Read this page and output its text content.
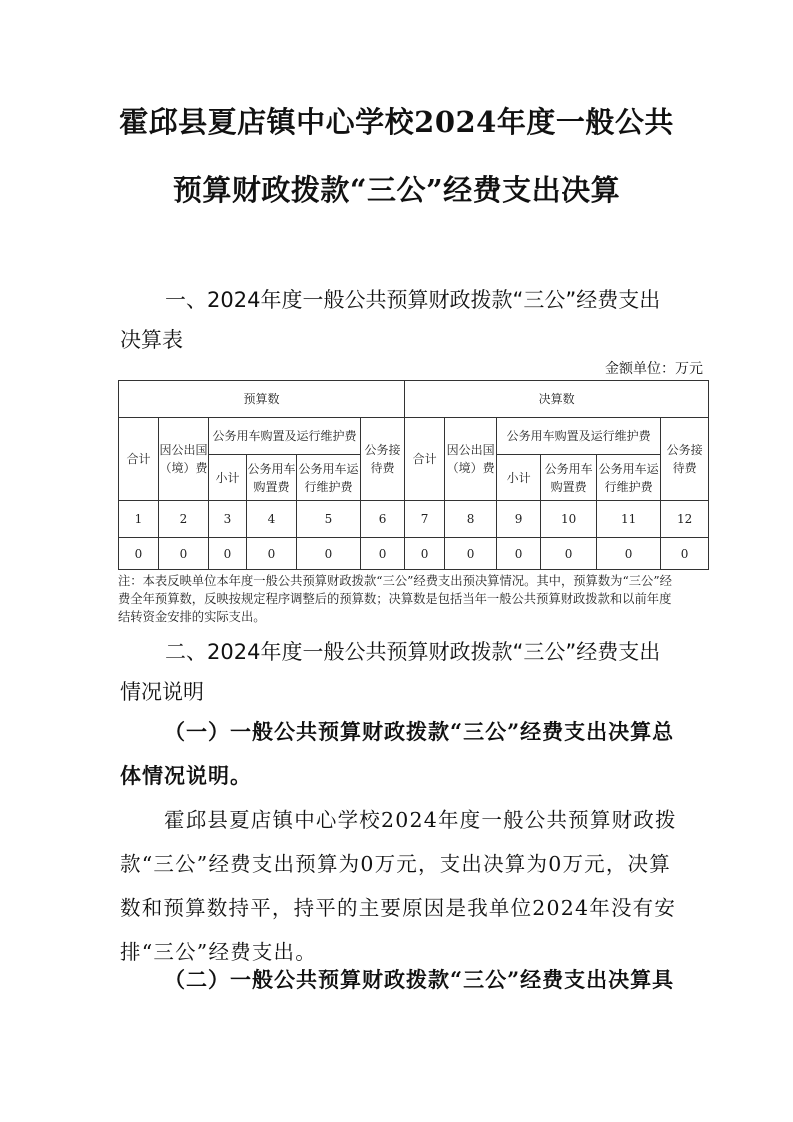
霍邱县夏店镇中心学校2024年度一般公共
预算财政拨款“三公”经费支出决算
一、2024年度一般公共预算财政拨款“三公”经费支出决算表
金额单位：万元
预算数						决算数					
合计	因公出国（境）费	公务用车购置及运行维护费			公务接待费	合计	因公出国（境）费	公务用车购置及运行维护费			公务接待费
		小计	公务用车购置费	公务用车运行维护费				小计	公务用车购置费	公务用车运行维护费	
1	2	3	4	5	6	7	8	9	10	11	12
0	0	0	0	0	0	0	0	0	0	0	0
注：本表反映单位本年度一般公共预算财政拨款“三公”经费支出预决算情况。其中，预算数为“三公”经费全年预算数，反映按规定程序调整后的预算数；决算数是包括当年一般公共预算财政拨款和以前年度结转资金安排的实际支出。
二、2024年度一般公共预算财政拨款“三公”经费支出情况说明
（一）一般公共预算财政拨款“三公”经费支出决算总体情况说明。
霍邱县夏店镇中心学校2024年度一般公共预算财政拨款“三公”经费支出预算为0万元，支出决算为0万元，决算数和预算数持平，持平的主要原因是我单位2024年没有安排“三公”经费支出。
（二）一般公共预算财政拨款“三公”经费支出决算具
